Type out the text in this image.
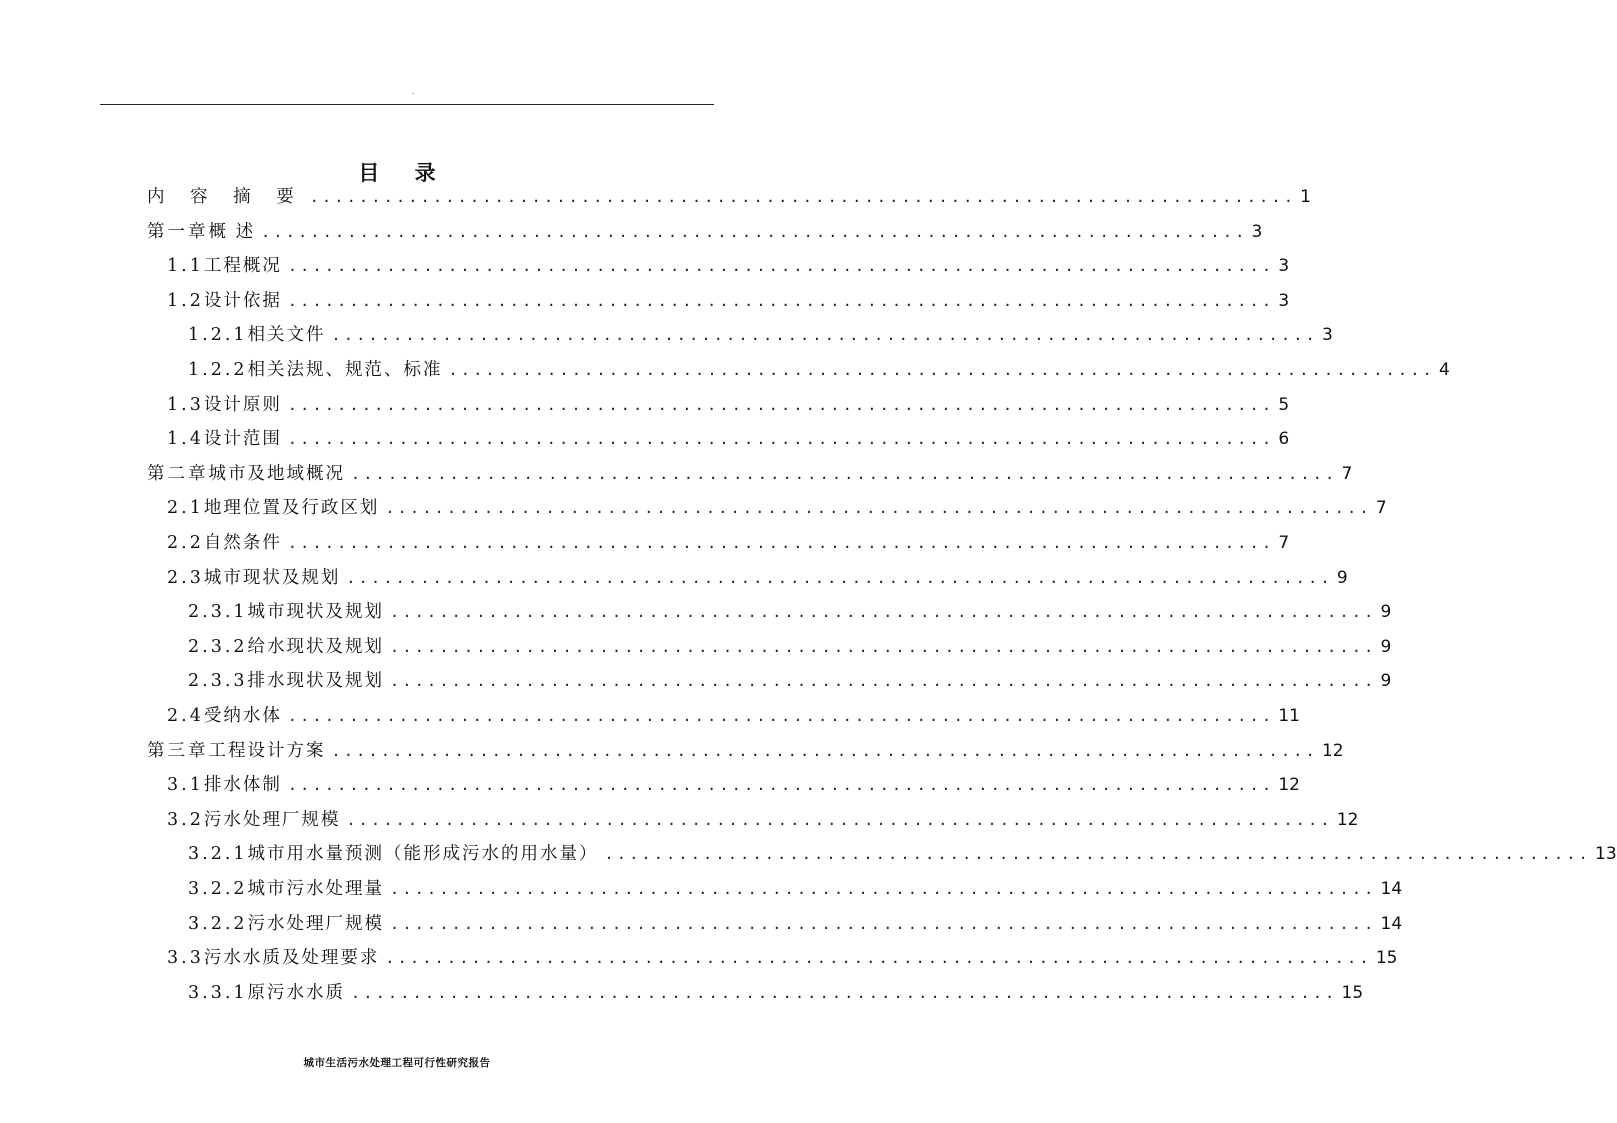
.
目 录
内 容 摘 要 ................................................................................ 1
第一章 概 述 ................................................................................ 3
1.1 工程概况 ................................................................................ 3
1.2 设计依据 ................................................................................ 3
1.2.1 相关文件 ................................................................................ 3
1.2.2 相关法规、规范、标准 ................................................................................ 4
1.3 设计原则 ................................................................................ 5
1.4 设计范围 ................................................................................ 6
第二章 城市及地域概况 ................................................................................ 7
2.1 地理位置及行政区划 ................................................................................ 7
2.2 自然条件 ................................................................................ 7
2.3 城市现状及规划 ................................................................................ 9
2.3.1 城市现状及规划 ................................................................................ 9
2.3.2 给水现状及规划 ................................................................................ 9
2.3.3 排水现状及规划 ................................................................................ 9
2.4 受纳水体 ................................................................................ 11
第三章 工程设计方案 ................................................................................ 12
3.1 排水体制 ................................................................................ 12
3.2 污水处理厂规模 ................................................................................ 12
3.2.1 城市用水量预测（能形成污水的用水量） ................................................................................ 13
3.2.2 城市污水处理量 ................................................................................ 14
3.2.2 污水处理厂规模 ................................................................................ 14
3.3 污水水质及处理要求 ................................................................................ 15
3.3.1 原污水水质 ................................................................................ 15
城市生活污水处理工程可行性研究报告
